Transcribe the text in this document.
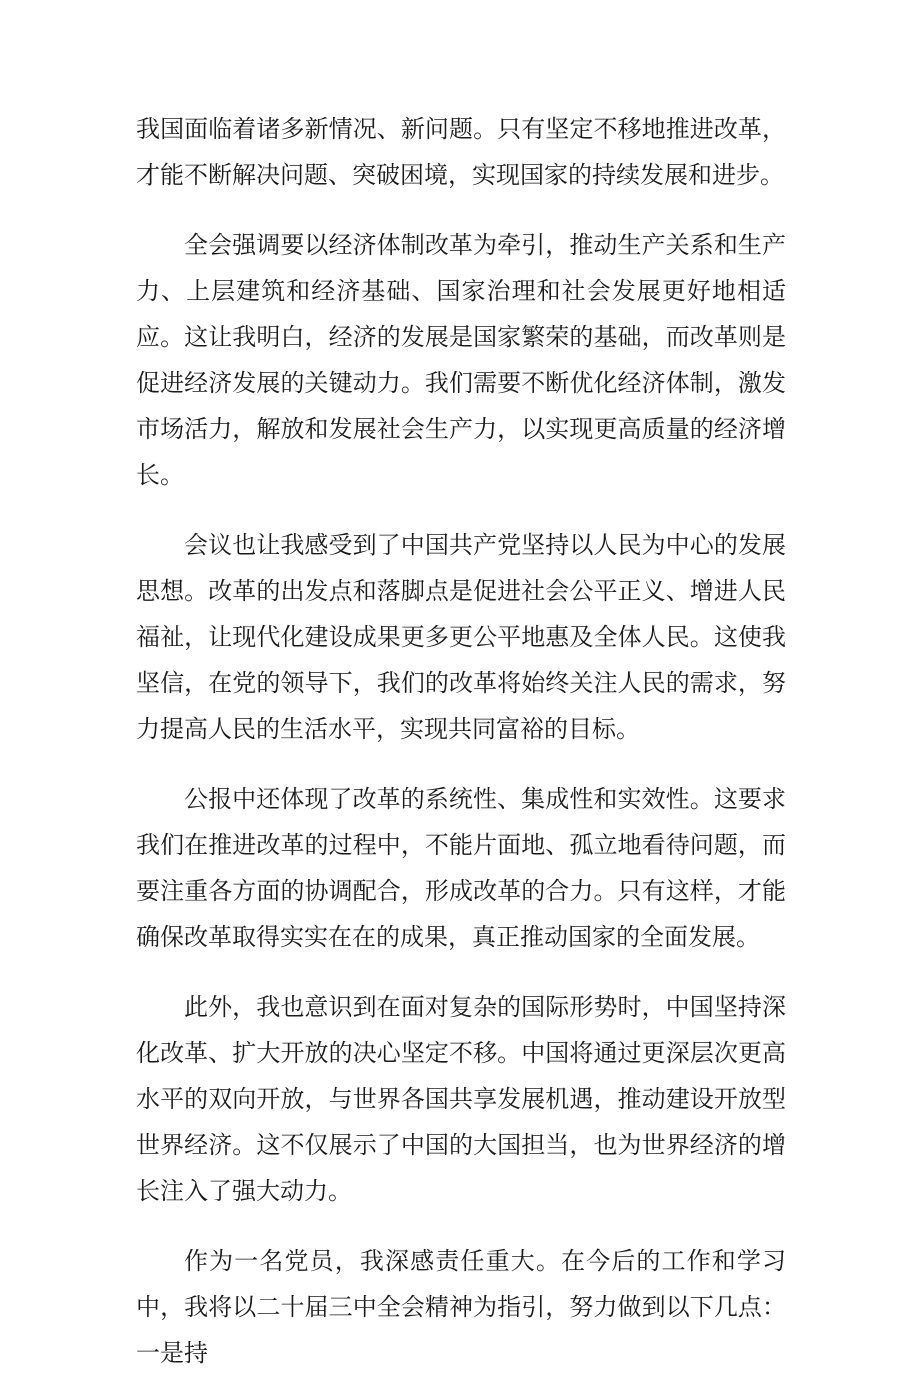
我国面临着诸多新情况、新问题。只有坚定不移地推进改革，才能不断解决问题、突破困境，实现国家的持续发展和进步。

全会强调要以经济体制改革为牵引，推动生产关系和生产力、上层建筑和经济基础、国家治理和社会发展更好地相适应。这让我明白，经济的发展是国家繁荣的基础，而改革则是促进经济发展的关键动力。我们需要不断优化经济体制，激发市场活力，解放和发展社会生产力，以实现更高质量的经济增长。

会议也让我感受到了中国共产党坚持以人民为中心的发展思想。改革的出发点和落脚点是促进社会公平正义、增进人民福祉，让现代化建设成果更多更公平地惠及全体人民。这使我坚信，在党的领导下，我们的改革将始终关注人民的需求，努力提高人民的生活水平，实现共同富裕的目标。

公报中还体现了改革的系统性、集成性和实效性。这要求我们在推进改革的过程中，不能片面地、孤立地看待问题，而要注重各方面的协调配合，形成改革的合力。只有这样，才能确保改革取得实实在在的成果，真正推动国家的全面发展。

此外，我也意识到在面对复杂的国际形势时，中国坚持深化改革、扩大开放的决心坚定不移。中国将通过更深层次更高水平的双向开放，与世界各国共享发展机遇，推动建设开放型世界经济。这不仅展示了中国的大国担当，也为世界经济的增长注入了强大动力。

作为一名党员，我深感责任重大。在今后的工作和学习中，我将以二十届三中全会精神为指引，努力做到以下几点：一是持
